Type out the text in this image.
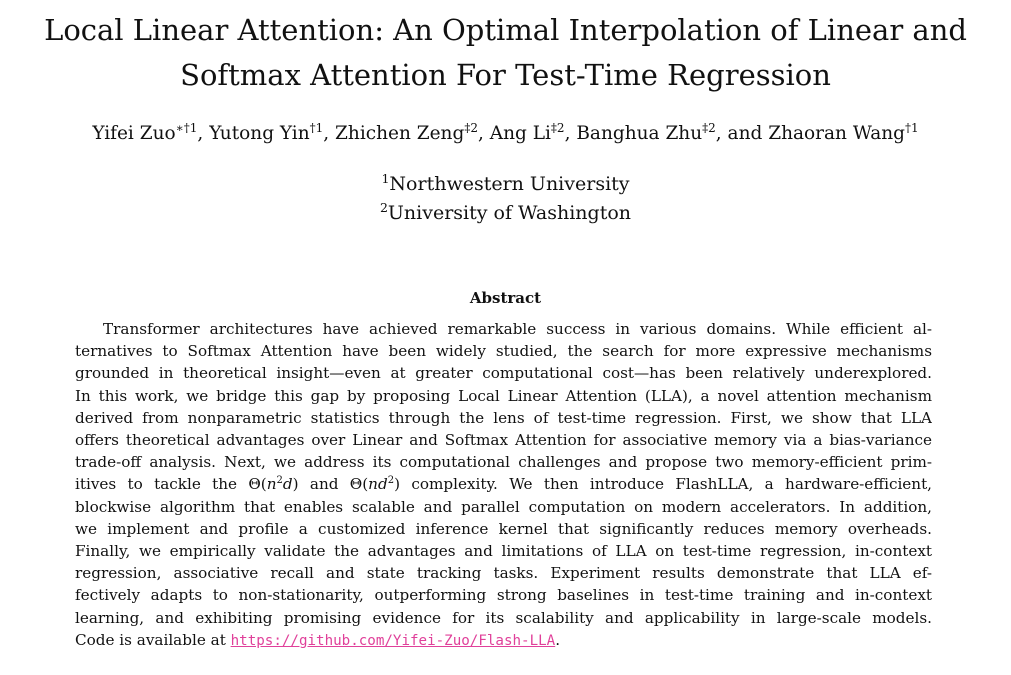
Local Linear Attention: An Optimal Interpolation of Linear and
Softmax Attention For Test-Time Regression
Yifei Zuo$^{∗\dagger 1}$, Yutong Yin$^{\dagger 1}$, Zhichen Zeng$^{\ddagger 2}$, Ang Li$^{\ddagger 2}$, Banghua Zhu$^{\ddagger 2}$, and Zhaoran Wang$^{\dagger 1}$
$^1$Northwestern University
$^2$University of Washington
Abstract
Transformer architectures have achieved remarkable success in various domains. While efficient al-
ternatives to Softmax Attention have been widely studied, the search for more expressive mechanisms
grounded in theoretical insight—even at greater computational cost—has been relatively underexplored.
In this work, we bridge this gap by proposing Local Linear Attention (LLA), a novel attention mechanism
derived from nonparametric statistics through the lens of test-time regression. First, we show that LLA
offers theoretical advantages over Linear and Softmax Attention for associative memory via a bias-variance
trade-off analysis. Next, we address its computational challenges and propose two memory-efficient prim-
itives to tackle the $\Theta(n^2d)$ and $\Theta(nd^2)$ complexity. We then introduce FlashLLA, a hardware-efficient,
blockwise algorithm that enables scalable and parallel computation on modern accelerators. In addition,
we implement and profile a customized inference kernel that significantly reduces memory overheads.
Finally, we empirically validate the advantages and limitations of LLA on test-time regression, in-context
regression, associative recall and state tracking tasks. Experiment results demonstrate that LLA ef-
fectively adapts to non-stationarity, outperforming strong baselines in test-time training and in-context
learning, and exhibiting promising evidence for its scalability and applicability in large-scale models.
Code is available at https://github.com/Yifei-Zuo/Flash-LLA.
